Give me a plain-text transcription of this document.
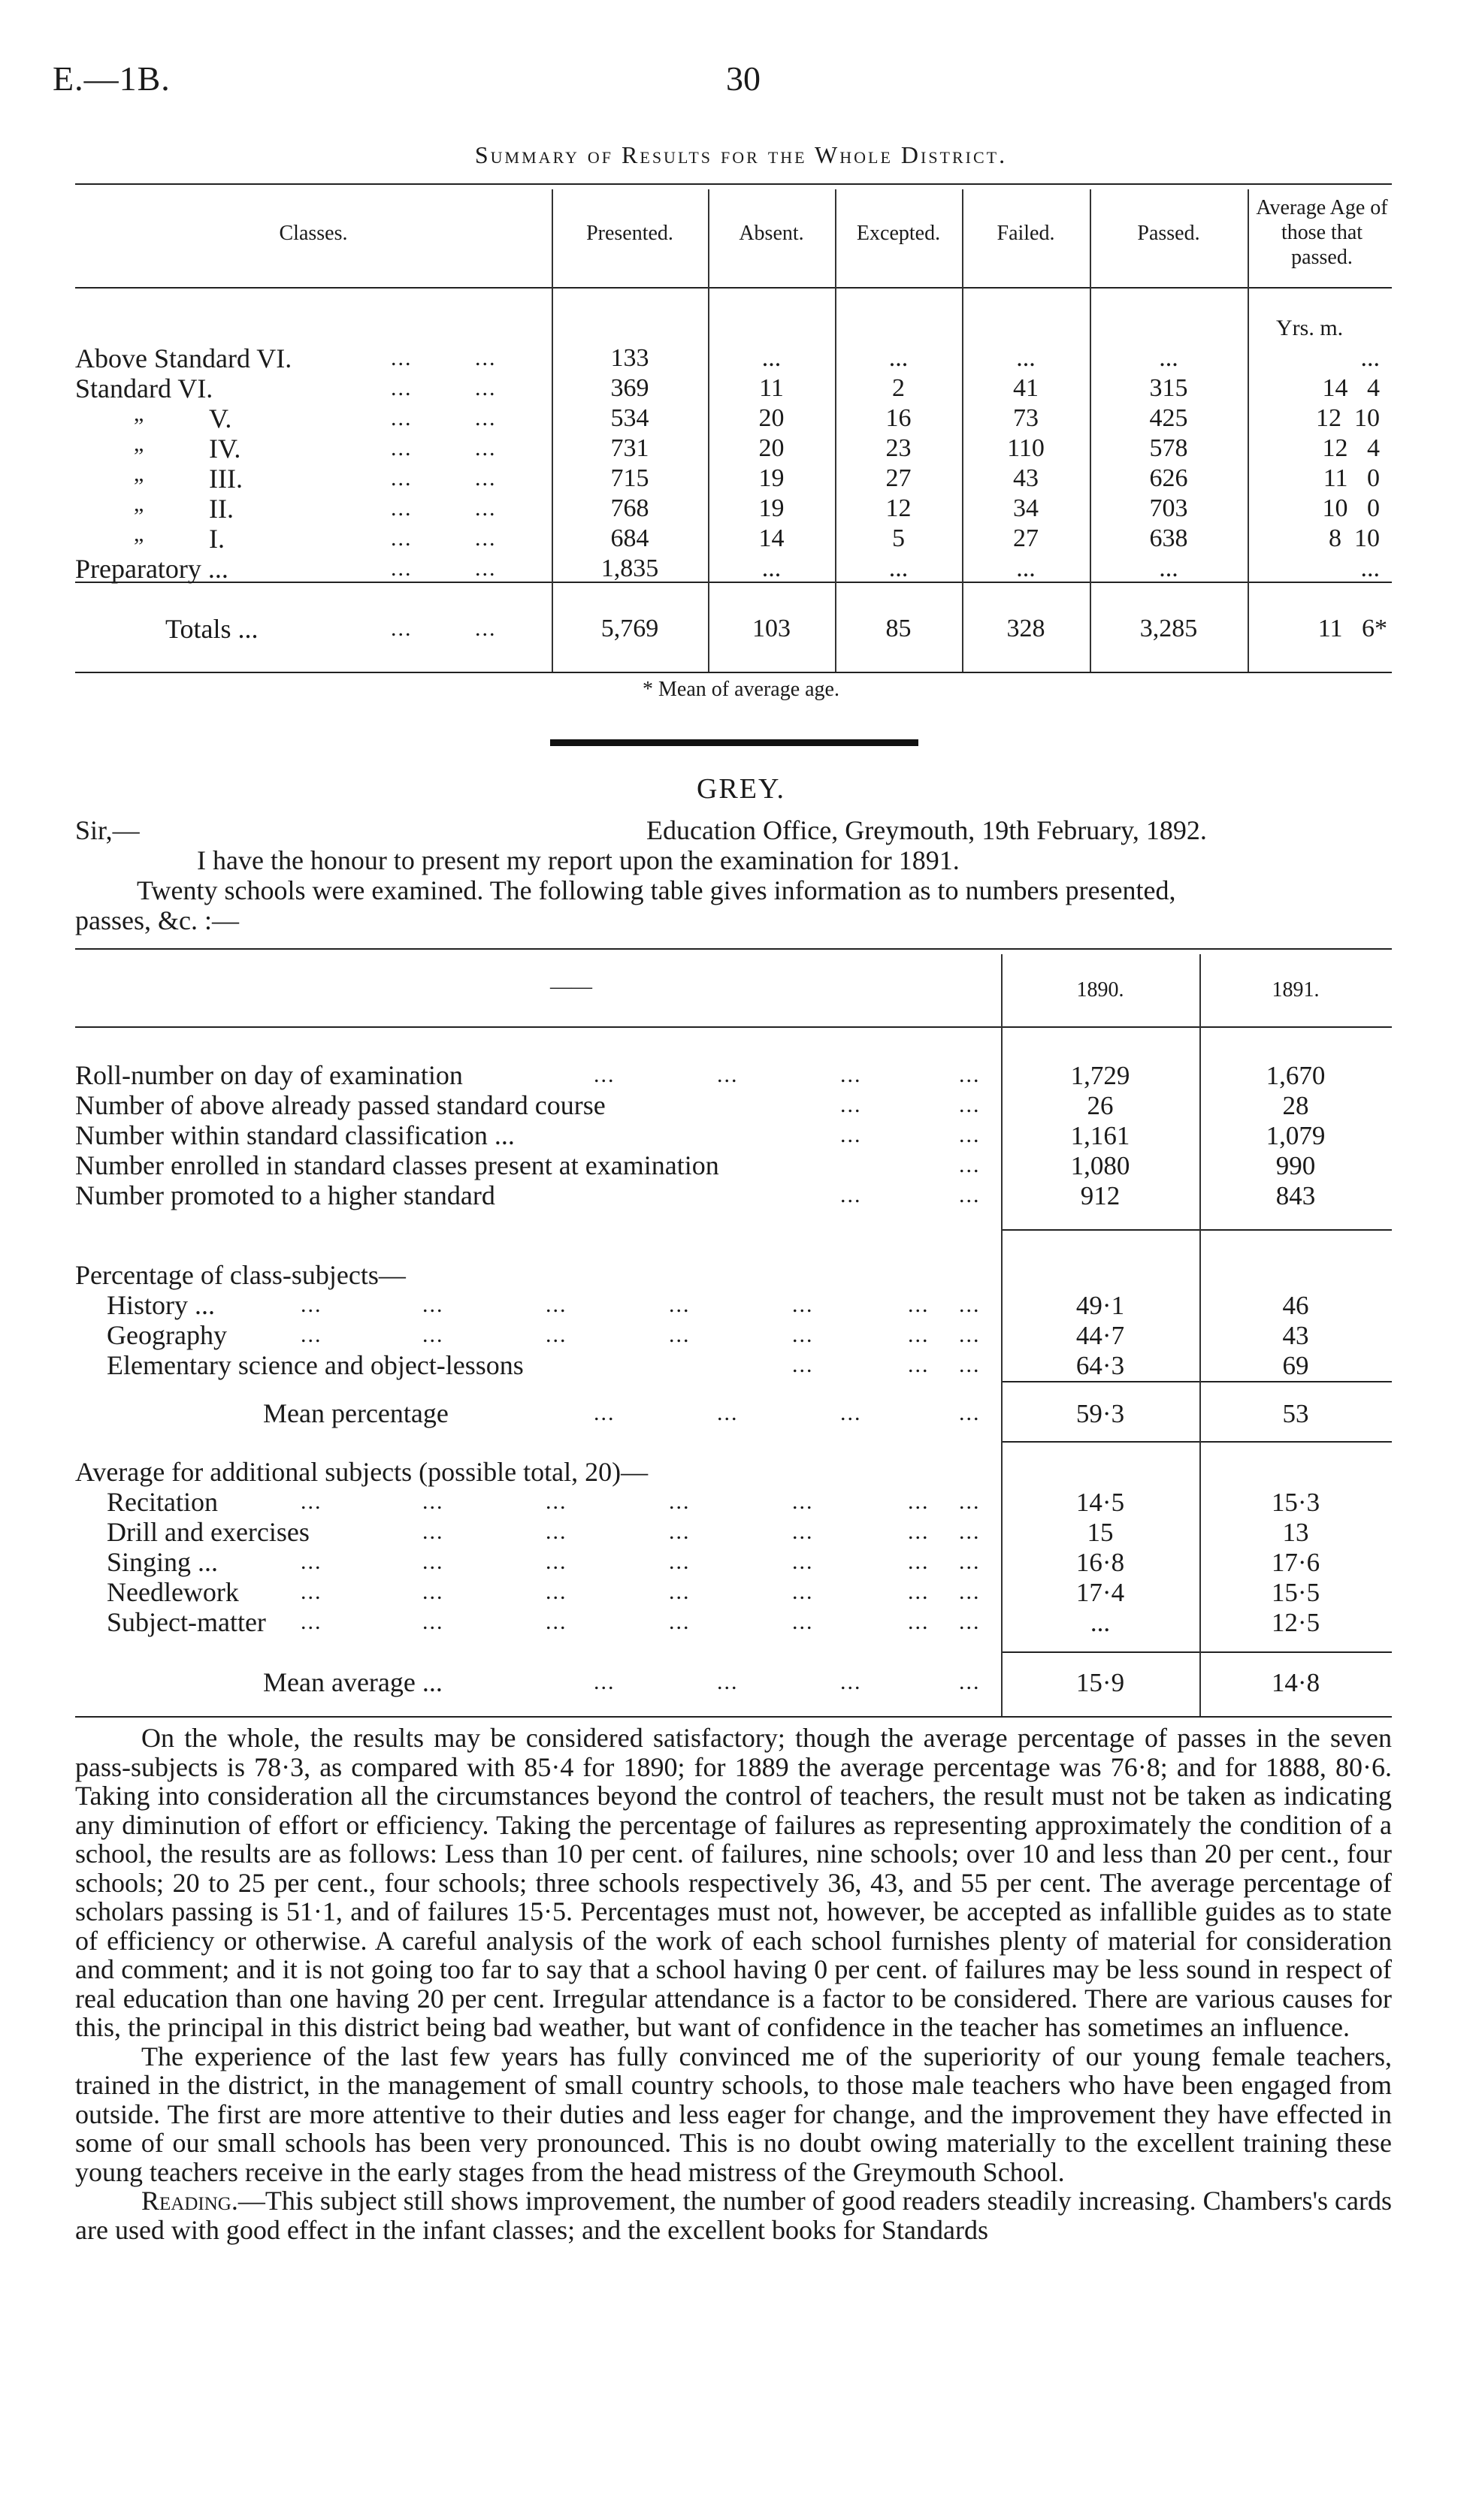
E.—1B.	30
Summary of Results for the Whole District.
Classes.	Presented.	Absent.	Excepted.	Failed.	Passed.
Average Age of those that passed.
Yrs. m.
Above Standard VI.	...	...	133	...	...	...	...	...
Standard VI.	...	...	369	11	2	41	315	14   4
„ V.	...	...	534	20	16	73	425	12  10
„ IV.	...	...	731	20	23	110	578	12   4
„ III.	...	...	715	19	27	43	626	11   0
„ II.	...	...	768	19	12	34	703	10   0
„ I.	...	...	684	14	5	27	638	8  10
Preparatory ...	...	...	1,835	...	...	...	...	...
Totals ...	...	...	5,769	103	85	328	3,285	11   6*
* Mean of average age.
GREY.
Sir,—	Education Office, Greymouth, 19th February, 1892.
I have the honour to present my report upon the examination for 1891.
Twenty schools were examined. The following table gives information as to numbers presented,
passes, &c. :—
——	1890.	1891.
Roll-number on day of examination	...	...	...	...	1,729	1,670
Number of above already passed standard course	...	...	26	28
Number within standard classification ...	...	...	1,161	1,079
Number enrolled in standard classes present at examination	...	1,080	990
Number promoted to a higher standard	...	...	912	843
Percentage of class-subjects—
History ...	...	...	...	...	...	... ...	49·1	46
Geography	...	...	...	...	...	... ...	44·7	43
Elementary science and object-lessons	...	... ...	64·3	69
Mean percentage	...	...	...	...	59·3	53
Average for additional subjects (possible total, 20)—
Recitation	...	...	...	...	...	... ...	14·5	15·3
Drill and exercises	...	...	...	...	... ...	15	13
Singing ...	...	...	...	...	...	... ...	16·8	17·6
Needlework	...	...	...	...	...	... ...	17·4	15·5
Subject-matter ...	...	...	...	...	... ...	...	12·5
Mean average ...	...	...	...	...	15·9	14·8

On the whole, the results may be considered satisfactory; though the average percentage of passes in the seven pass-subjects is 78·3, as compared with 85·4 for 1890; for 1889 the average percentage was 76·8; and for 1888, 80·6. Taking into consideration all the circumstances beyond the control of teachers, the result must not be taken as indicating any diminution of effort or efficiency. Taking the percentage of failures as representing approximately the condition of a school, the results are as follows: Less than 10 per cent. of failures, nine schools; over 10 and less than 20 per cent., four schools; 20 to 25 per cent., four schools; three schools respectively 36, 43, and 55 per cent. The average percentage of scholars passing is 51·1, and of failures 15·5. Percentages must not, however, be accepted as infallible guides as to state of efficiency or otherwise. A careful analysis of the work of each school furnishes plenty of material for consideration and comment; and it is not going too far to say that a school having 0 per cent. of failures may be less sound in respect of real education than one having 20 per cent. Irregular attendance is a factor to be considered. There are various causes for this, the principal in this district being bad weather, but want of confidence in the teacher has sometimes an influence.

The experience of the last few years has fully convinced me of the superiority of our young female teachers, trained in the district, in the management of small country schools, to those male teachers who have been engaged from outside. The first are more attentive to their duties and less eager for change, and the improvement they have effected in some of our small schools has been very pronounced. This is no doubt owing materially to the excellent training these young teachers receive in the early stages from the head mistress of the Greymouth School.

Reading.—This subject still shows improvement, the number of good readers steadily increasing. Chambers's cards are used with good effect in the infant classes; and the excellent books for Standards
